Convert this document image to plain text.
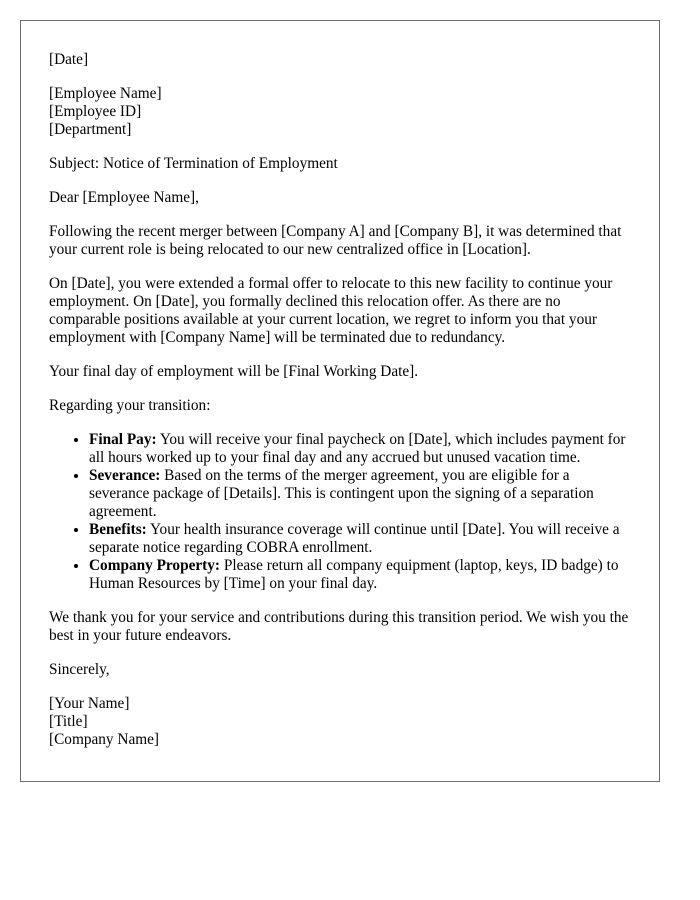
[Date]

[Employee Name]
[Employee ID]
[Department]

Subject: Notice of Termination of Employment

Dear [Employee Name],

Following the recent merger between [Company A] and [Company B], it was determined that your current role is being relocated to our new centralized office in [Location].

On [Date], you were extended a formal offer to relocate to this new facility to continue your employment. On [Date], you formally declined this relocation offer. As there are no comparable positions available at your current location, we regret to inform you that your employment with [Company Name] will be terminated due to redundancy.

Your final day of employment will be [Final Working Date].

Regarding your transition:

• Final Pay: You will receive your final paycheck on [Date], which includes payment for all hours worked up to your final day and any accrued but unused vacation time.
• Severance: Based on the terms of the merger agreement, you are eligible for a severance package of [Details]. This is contingent upon the signing of a separation agreement.
• Benefits: Your health insurance coverage will continue until [Date]. You will receive a separate notice regarding COBRA enrollment.
• Company Property: Please return all company equipment (laptop, keys, ID badge) to Human Resources by [Time] on your final day.

We thank you for your service and contributions during this transition period. We wish you the best in your future endeavors.

Sincerely,

[Your Name]
[Title]
[Company Name]
